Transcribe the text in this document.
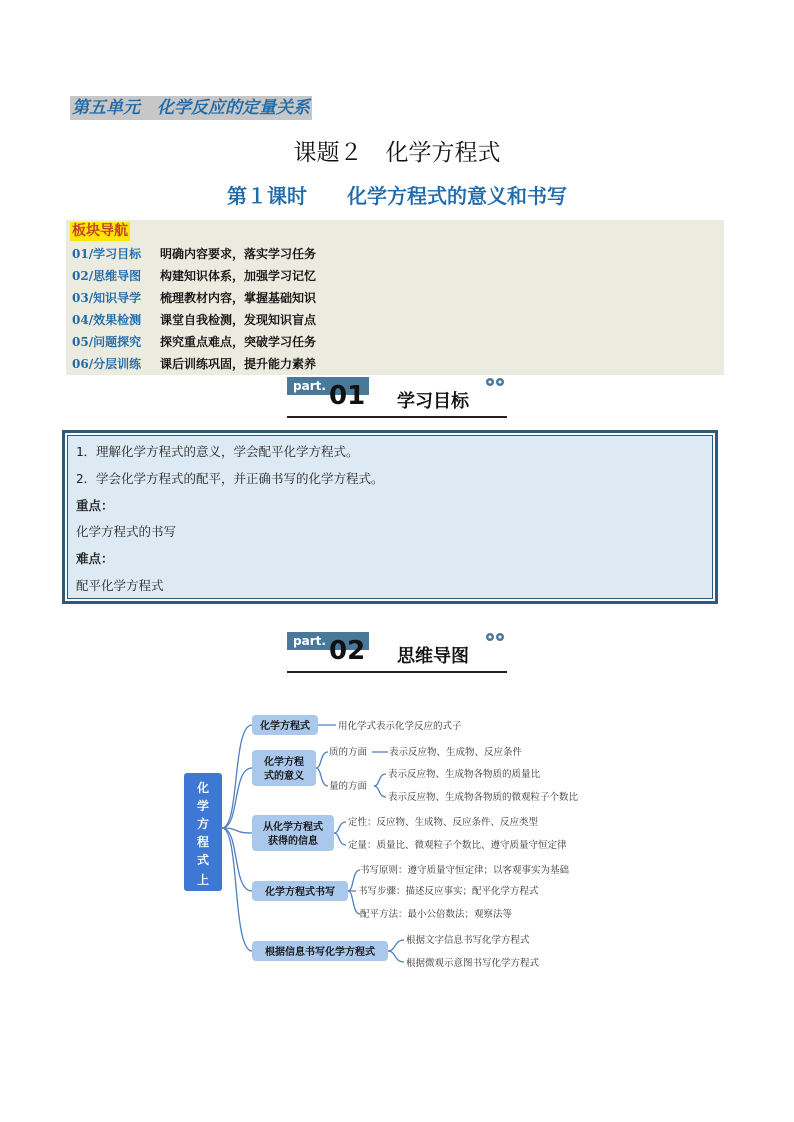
第五单元　化学反应的定量关系
课题２　化学方程式
第１课时　　化学方程式的意义和书写
板块导航
01/学习目标 明确内容要求，落实学习任务
02/思维导图 构建知识体系，加强学习记忆
03/知识导学 梳理教材内容，掌握基础知识
04/效果检测 课堂自我检测，发现知识盲点
05/问题探究 探究重点难点，突破学习任务
06/分层训练 课后训练巩固，提升能力素养
part. 01 学习目标
1．理解化学方程式的意义，学会配平化学方程式。
2．学会化学方程式的配平，并正确书写的化学方程式。
重点：
化学方程式的书写
难点：
配平化学方程式
part. 02 思维导图
化
学
方
程
式
上
化学方程式	用化学式表示化学反应的式子
化学方程
式的意义
质的方面 表示反应物、生成物、反应条件
量的方面
表示反应物、生成物各物质的质量比
表示反应物、生成物各物质的微观粒子个数比
从化学方程式
获得的信息
定性：反应物、生成物、反应条件、反应类型
定量：质量比、微观粒子个数比、遵守质量守恒定律
化学方程式书写
书写原则：遵守质量守恒定律；以客观事实为基础
书写步骤：描述反应事实；配平化学方程式
配平方法：最小公倍数法；观察法等
根据信息书写化学方程式
根据文字信息书写化学方程式
根据微观示意图书写化学方程式
